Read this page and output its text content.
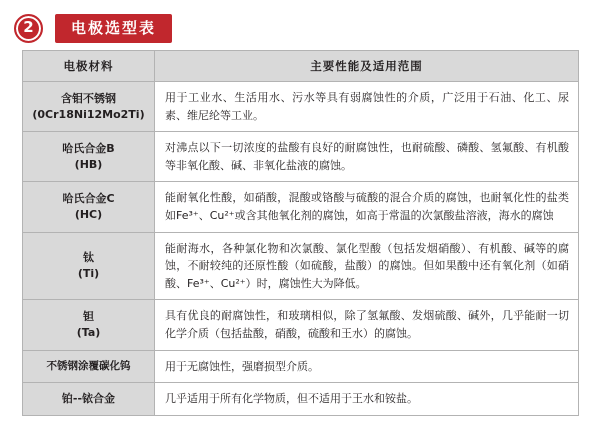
2	电极选型表
电极材料	主要性能及适用范围
含钼不锈钢
(0Cr18Ni12Mo2Ti)	用于工业水、生活用水、污水等具有弱腐蚀性的介质，广泛用于石油、化工、尿素、维尼纶等工业。
哈氏合金B
(HB)	对沸点以下一切浓度的盐酸有良好的耐腐蚀性，也耐硫酸、磷酸、氢氟酸、有机酸等非氧化酸、碱、非氧化盐液的腐蚀。
哈氏合金C
(HC)	能耐氧化性酸，如硝酸，混酸或铬酸与硫酸的混合介质的腐蚀，也耐氧化性的盐类如Fe³⁺、Cu²⁺或含其他氧化剂的腐蚀，如高于常温的次氯酸盐溶液，海水的腐蚀
钛
(Ti)	能耐海水，各种氯化物和次氯酸、氯化型酸（包括发烟硝酸）、有机酸、碱等的腐蚀，不耐较纯的还原性酸（如硫酸，盐酸）的腐蚀。但如果酸中还有氧化剂（如硝酸、Fe³⁺、Cu²⁺）时，腐蚀性大为降低。
钽
(Ta)	具有优良的耐腐蚀性，和玻璃相似，除了氢氟酸、发烟硫酸、碱外，几乎能耐一切化学介质（包括盐酸，硝酸，硫酸和王水）的腐蚀。
不锈钢涂覆碳化钨	用于无腐蚀性，强磨损型介质。
铂--铱合金	几乎适用于所有化学物质，但不适用于王水和铵盐。
